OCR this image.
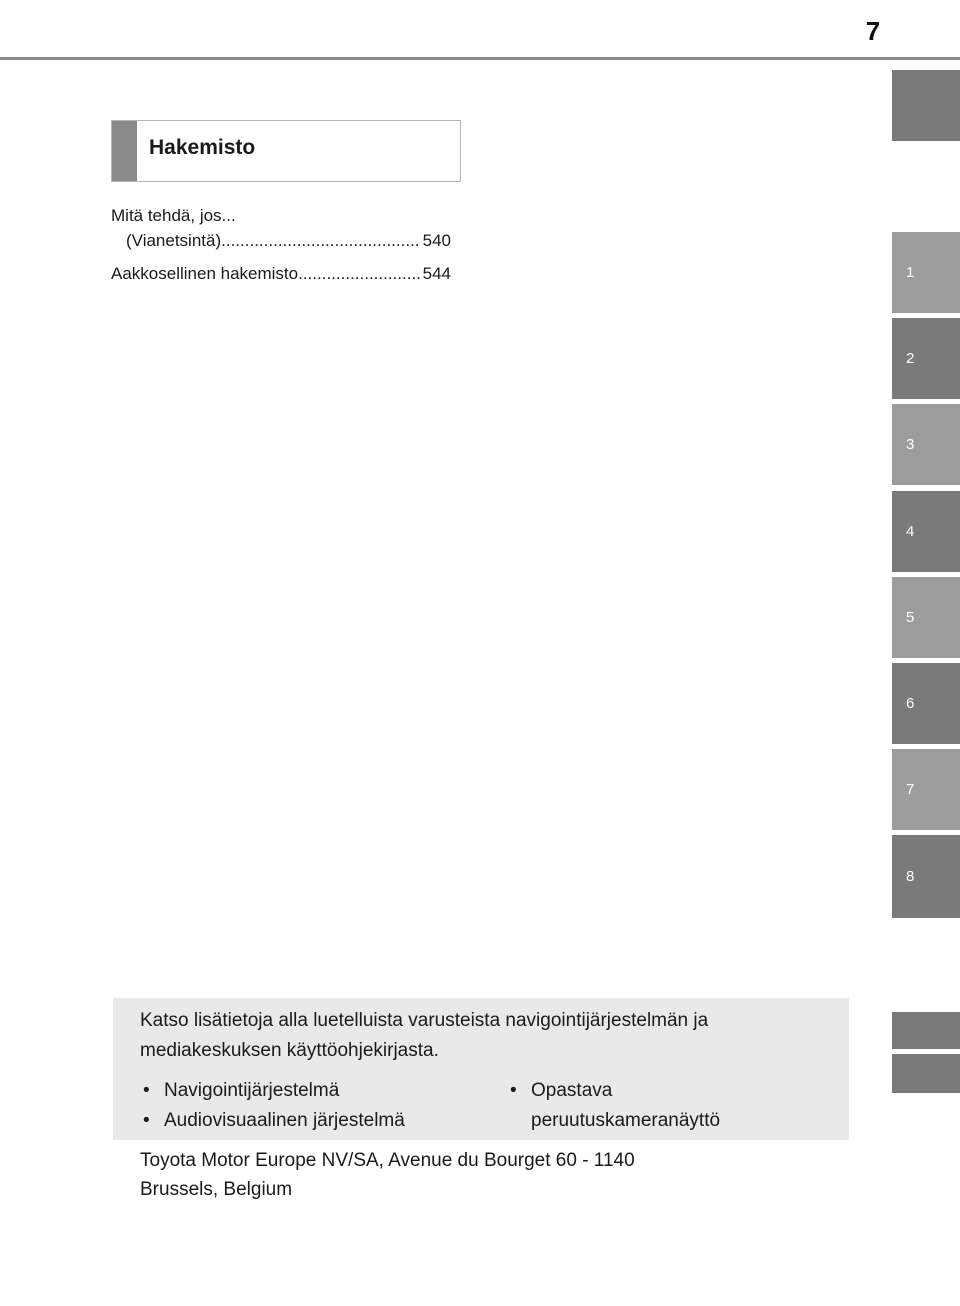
7
1
2
3
4
5
6
7
8
Hakemisto
Mitä tehdä, jos...
(Vianetsintä) .....	540
Aakkosellinen hakemisto .....	544

Katso lisätietoja alla luetelluista varusteista navigointijärjestelmän ja mediakeskuksen käyttöohjekirjasta.

• Navigointijärjestelmä
• Audiovisuaalinen järjestelmä
• Opastava
peruutuskameranäyttö
Toyota Motor Europe NV/SA, Avenue du Bourget 60 - 1140
Brussels, Belgium
